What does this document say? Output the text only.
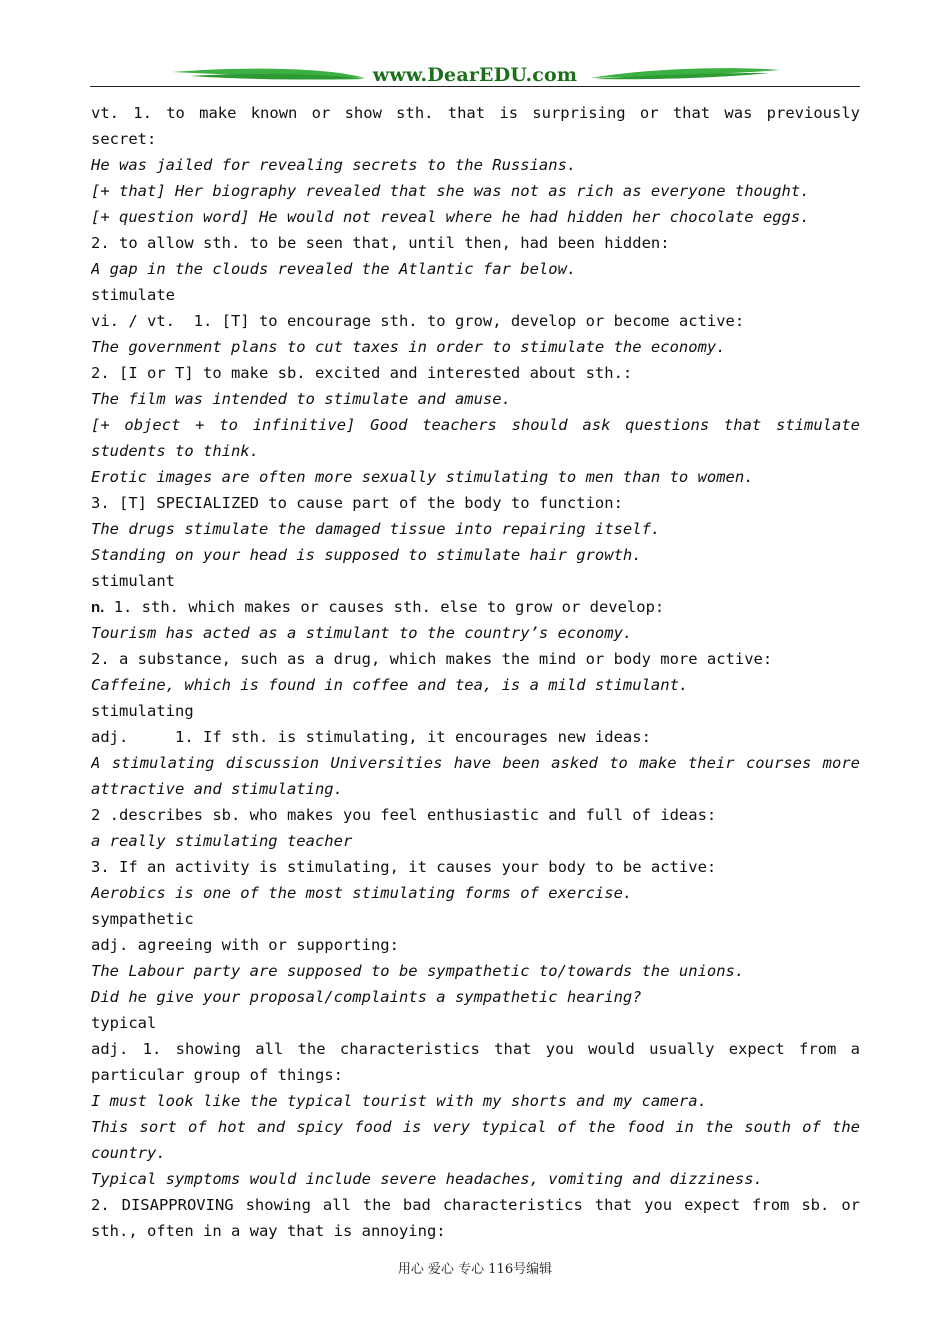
www.DearEDU.com
vt. 1. to make known or show sth. that is surprising or that was previously
secret:
He was jailed for revealing secrets to the Russians.
[+ that] Her biography revealed that she was not as rich as everyone thought.
[+ question word] He would not reveal where he had hidden her chocolate eggs.
2. to allow sth. to be seen that, until then, had been hidden:
A gap in the clouds revealed the Atlantic far below.
stimulate
vi. / vt.  1. [T] to encourage sth. to grow, develop or become active:
The government plans to cut taxes in order to stimulate the economy.
2. [I or T] to make sb. excited and interested about sth.:
The film was intended to stimulate and amuse.
[+ object + to infinitive] Good teachers should ask questions that stimulate
students to think.
Erotic images are often more sexually stimulating to men than to women.
3. [T] SPECIALIZED to cause part of the body to function:
The drugs stimulate the damaged tissue into repairing itself.
Standing on your head is supposed to stimulate hair growth.
stimulant
n. 1. sth. which makes or causes sth. else to grow or develop:
Tourism has acted as a stimulant to the country’s economy.
2. a substance, such as a drug, which makes the mind or body more active:
Caffeine, which is found in coffee and tea, is a mild stimulant.
stimulating
adj.     1. If sth. is stimulating, it encourages new ideas:
A stimulating discussion Universities have been asked to make their courses more
attractive and stimulating.
2 .describes sb. who makes you feel enthusiastic and full of ideas:
a really stimulating teacher
3. If an activity is stimulating, it causes your body to be active:
Aerobics is one of the most stimulating forms of exercise.
sympathetic
adj. agreeing with or supporting:
The Labour party are supposed to be sympathetic to/towards the unions.
Did he give your proposal/complaints a sympathetic hearing?
typical
adj. 1. showing all the characteristics that you would usually expect from a
particular group of things:
I must look like the typical tourist with my shorts and my camera.
This sort of hot and spicy food is very typical of the food in the south of the
country.
Typical symptoms would include severe headaches, vomiting and dizziness.
2. DISAPPROVING showing all the bad characteristics that you expect from sb. or
sth., often in a way that is annoying:
用心 爱心 专心 116号编辑
